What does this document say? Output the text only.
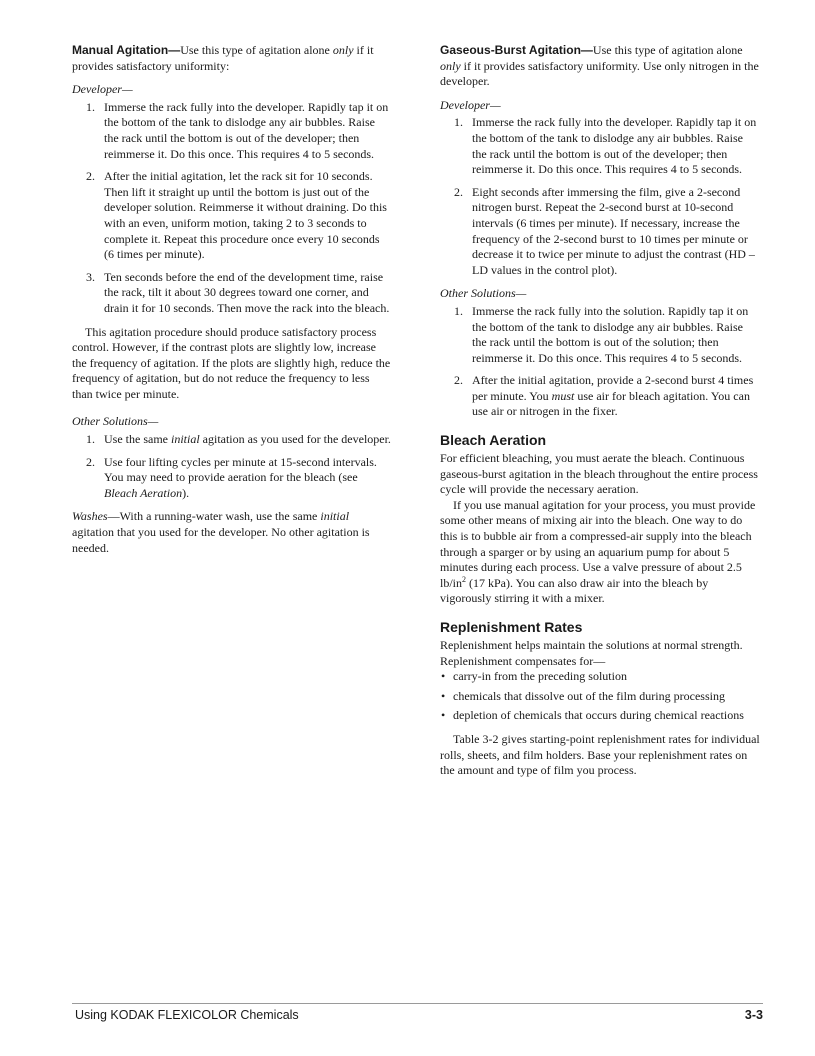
Manual Agitation—Use this type of agitation alone only if it provides satisfactory uniformity:

Developer—

1. Immerse the rack fully into the developer. Rapidly tap it on the bottom of the tank to dislodge any air bubbles. Raise the rack until the bottom is out of the developer; then reimmerse it. Do this once. This requires 4 to 5 seconds.
2. After the initial agitation, let the rack sit for 10 seconds. Then lift it straight up until the bottom is just out of the developer solution. Reimmerse it without draining. Do this with an even, uniform motion, taking 2 to 3 seconds to complete it. Repeat this procedure once every 10 seconds (6 times per minute).
3. Ten seconds before the end of the development time, raise the rack, tilt it about 30 degrees toward one corner, and drain it for 10 seconds. Then move the rack into the bleach.

This agitation procedure should produce satisfactory process control. However, if the contrast plots are slightly low, increase the frequency of agitation. If the plots are slightly high, reduce the frequency of agitation, but do not reduce the frequency to less than twice per minute.

Other Solutions—

1. Use the same initial agitation as you used for the developer.
2. Use four lifting cycles per minute at 15-second intervals. You may need to provide aeration for the bleach (see Bleach Aeration).

Washes—With a running-water wash, use the same initial agitation that you used for the developer. No other agitation is needed.

Gaseous-Burst Agitation—Use this type of agitation alone only if it provides satisfactory uniformity. Use only nitrogen in the developer.

Developer—

1. Immerse the rack fully into the developer. Rapidly tap it on the bottom of the tank to dislodge any air bubbles. Raise the rack until the bottom is out of the developer; then reimmerse it. Do this once. This requires 4 to 5 seconds.
2. Eight seconds after immersing the film, give a 2-second nitrogen burst. Repeat the 2-second burst at 10-second intervals (6 times per minute). If necessary, increase the frequency of the 2-second burst to 10 times per minute or decrease it to twice per minute to adjust the contrast (HD – LD values in the control plot).

Other Solutions—

1. Immerse the rack fully into the solution. Rapidly tap it on the bottom of the tank to dislodge any air bubbles. Raise the rack until the bottom is out of the solution; then reimmerse it. Do this once. This requires 4 to 5 seconds.
2. After the initial agitation, provide a 2-second burst 4 times per minute. You must use air for bleach agitation. You can use air or nitrogen in the fixer.
Bleach Aeration

For efficient bleaching, you must aerate the bleach. Continuous gaseous-burst agitation in the bleach throughout the entire process cycle will provide the necessary aeration.

If you use manual agitation for your process, you must provide some other means of mixing air into the bleach. One way to do this is to bubble air from a compressed-air supply into the bleach through a sparger or by using an aquarium pump for about 5 minutes during each process. Use a valve pressure of about 2.5 $lb/in^2$ (17 kPa). You can also draw air into the bleach by vigorously stirring it with a mixer.

Replenishment Rates

Replenishment helps maintain the solutions at normal strength. Replenishment compensates for—

• carry-in from the preceding solution
• chemicals that dissolve out of the film during processing
• depletion of chemicals that occurs during chemical reactions

Table 3-2 gives starting-point replenishment rates for individual rolls, sheets, and film holders. Base your replenishment rates on the amount and type of film you process.

Using KODAK FLEXICOLOR Chemicals	3-3
